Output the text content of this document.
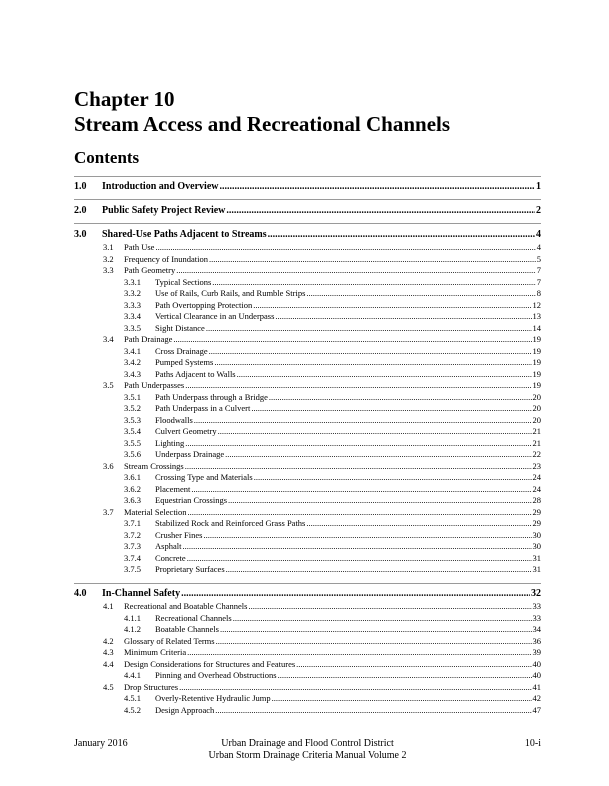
Chapter 10
Stream Access and Recreational Channels
Contents
1.0	Introduction and Overview .....	1
2.0	Public Safety Project Review .....	2
3.0	Shared-Use Paths Adjacent to Streams .....	4
3.1	Path Use .....	4
3.2	Frequency of Inundation .....	5
3.3	Path Geometry .....	7
3.3.1	Typical Sections .....	7
3.3.2	Use of Rails, Curb Rails, and Rumble Strips .....	8
3.3.3	Path Overtopping Protection .....	12
3.3.4	Vertical Clearance in an Underpass .....	13
3.3.5	Sight Distance .....	14
3.4	Path Drainage .....	19
3.4.1	Cross Drainage .....	19
3.4.2	Pumped Systems .....	19
3.4.3	Paths Adjacent to Walls .....	19
3.5	Path Underpasses .....	19
3.5.1	Path Underpass through a Bridge .....	20
3.5.2	Path Underpass in a Culvert .....	20
3.5.3	Floodwalls .....	20
3.5.4	Culvert Geometry .....	21
3.5.5	Lighting .....	21
3.5.6	Underpass Drainage .....	22
3.6	Stream Crossings .....	23
3.6.1	Crossing Type and Materials .....	24
3.6.2	Placement .....	24
3.6.3	Equestrian Crossings .....	28
3.7	Material Selection .....	29
3.7.1	Stabilized Rock and Reinforced Grass Paths .....	29
3.7.2	Crusher Fines .....	30
3.7.3	Asphalt .....	30
3.7.4	Concrete .....	31
3.7.5	Proprietary Surfaces .....	31
4.0	In-Channel Safety .....	32
4.1	Recreational and Boatable Channels .....	33
4.1.1	Recreational Channels .....	33
4.1.2	Boatable Channels .....	34
4.2	Glossary of Related Terms .....	36
4.3	Minimum Criteria .....	39
4.4	Design Considerations for Structures and Features .....	40
4.4.1	Pinning and Overhead Obstructions .....	40
4.5	Drop Structures .....	41
4.5.1	Overly-Retentive Hydraulic Jump .....	42
4.5.2	Design Approach .....	47
January 2016	Urban Drainage and Flood Control District
Urban Storm Drainage Criteria Manual Volume 2
10-i
